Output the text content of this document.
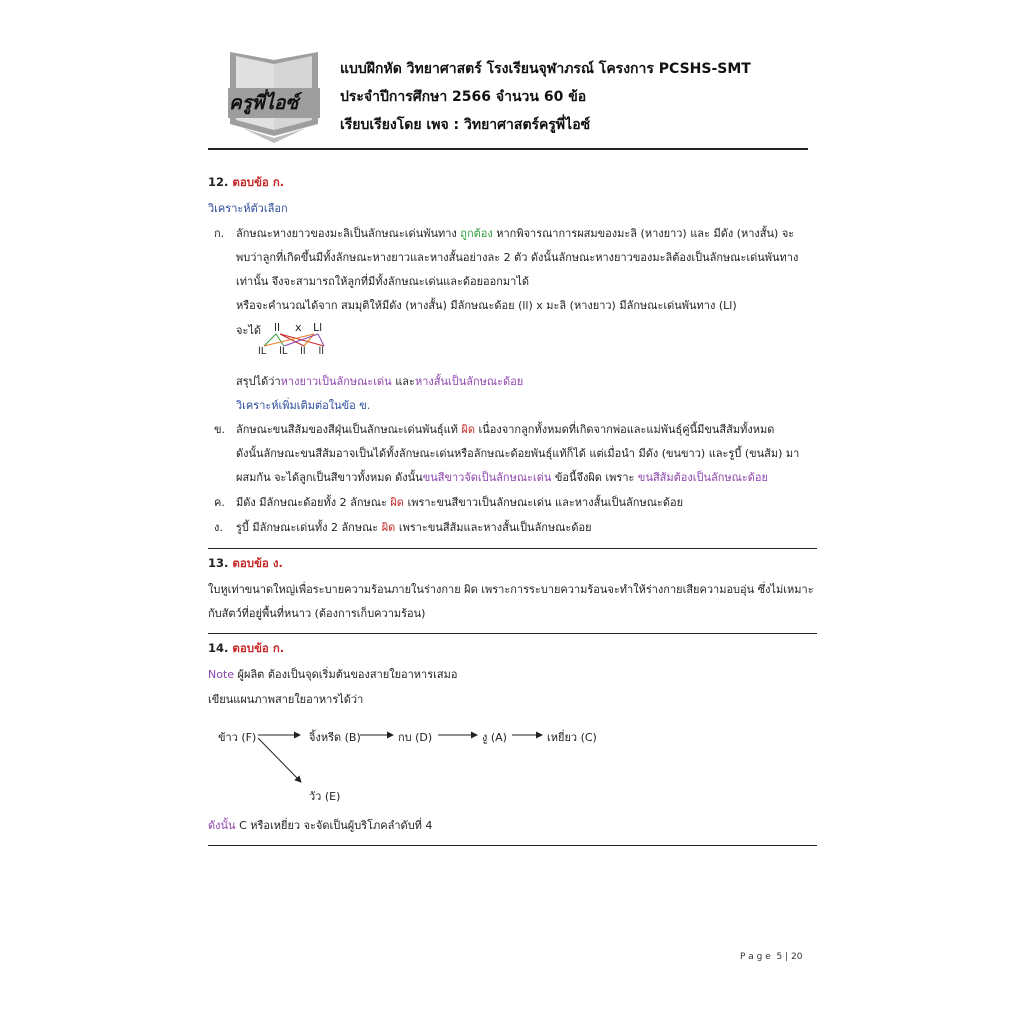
ครูพี่ไอซ์
แบบฝึกหัด วิทยาศาสตร์ โรงเรียนจุฬาภรณ์ โครงการ PCSHS-SMT
ประจำปีการศึกษา 2566 จำนวน 60 ข้อ
เรียบเรียงโดย เพจ : วิทยาศาสตร์ครูพี่ไอซ์
12. ตอบข้อ ก.
วิเคราะห์ตัวเลือก
ก. ลักษณะหางยาวของมะลิเป็นลักษณะเด่นพันทาง ถูกต้อง หากพิจารณาการผสมของมะลิ (หางยาว) และ มีดัง (หางสั้น) จะ
พบว่าลูกที่เกิดขึ้นมีทั้งลักษณะหางยาวและหางสั้นอย่างละ 2 ตัว ดังนั้นลักษณะหางยาวของมะลิต้องเป็นลักษณะเด่นพันทาง
เท่านั้น จึงจะสามารถให้ลูกที่มีทั้งลักษณะเด่นและด้อยออกมาได้
หรือจะคำนวณได้จาก สมมุติให้มีดัง (หางสั้น) มีลักษณะด้อย (ll) x มะลิ (หางยาว) มีลักษณะเด่นพันทาง (Ll)
จะได้ ll x Ll
lL lL ll ll
สรุปได้ว่าหางยาวเป็นลักษณะเด่น และหางสั้นเป็นลักษณะด้อย
วิเคราะห์เพิ่มเติมต่อในข้อ ข.
ข. ลักษณะขนสีส้มของสีฝุ่นเป็นลักษณะเด่นพันธุ์แท้ ผิด เนื่องจากลูกทั้งหมดที่เกิดจากพ่อและแม่พันธุ์คู่นี้มีขนสีส้มทั้งหมด
ดังนั้นลักษณะขนสีส้มอาจเป็นได้ทั้งลักษณะเด่นหรือลักษณะด้อยพันธุ์แท้ก็ได้ แต่เมื่อนำ มีดัง (ขนขาว) และรูบี้ (ขนส้ม) มา
ผสมกัน จะได้ลูกเป็นสีขาวทั้งหมด ดังนั้นขนสีขาวจัดเป็นลักษณะเด่น ข้อนี้จึงผิด เพราะ ขนสีส้มต้องเป็นลักษณะด้อย
ค. มีดัง มีลักษณะด้อยทั้ง 2 ลักษณะ ผิด เพราะขนสีขาวเป็นลักษณะเด่น และหางสั้นเป็นลักษณะด้อย
ง. รูบี้ มีลักษณะเด่นทั้ง 2 ลักษณะ ผิด เพราะขนสีส้มและหางสั้นเป็นลักษณะด้อย
13. ตอบข้อ ง.
ใบหูเท่าขนาดใหญ่เพื่อระบายความร้อนภายในร่างกาย ผิด เพราะการระบายความร้อนจะทำให้ร่างกายเสียความอบอุ่น ซึ่งไม่เหมาะ
กับสัตว์ที่อยู่พื้นที่หนาว (ต้องการเก็บความร้อน)
14. ตอบข้อ ก.
Note ผู้ผลิต ต้องเป็นจุดเริ่มต้นของสายใยอาหารเสมอ
เขียนแผนภาพสายใยอาหารได้ว่า
ข้าว (F)	จิ้งหรีด (B)	กบ (D)	งู (A)	เหยี่ยว (C)
วัว (E)
ดังนั้น C หรือเหยี่ยว จะจัดเป็นผู้บริโภคลำดับที่ 4
P a g e  5 | 20
